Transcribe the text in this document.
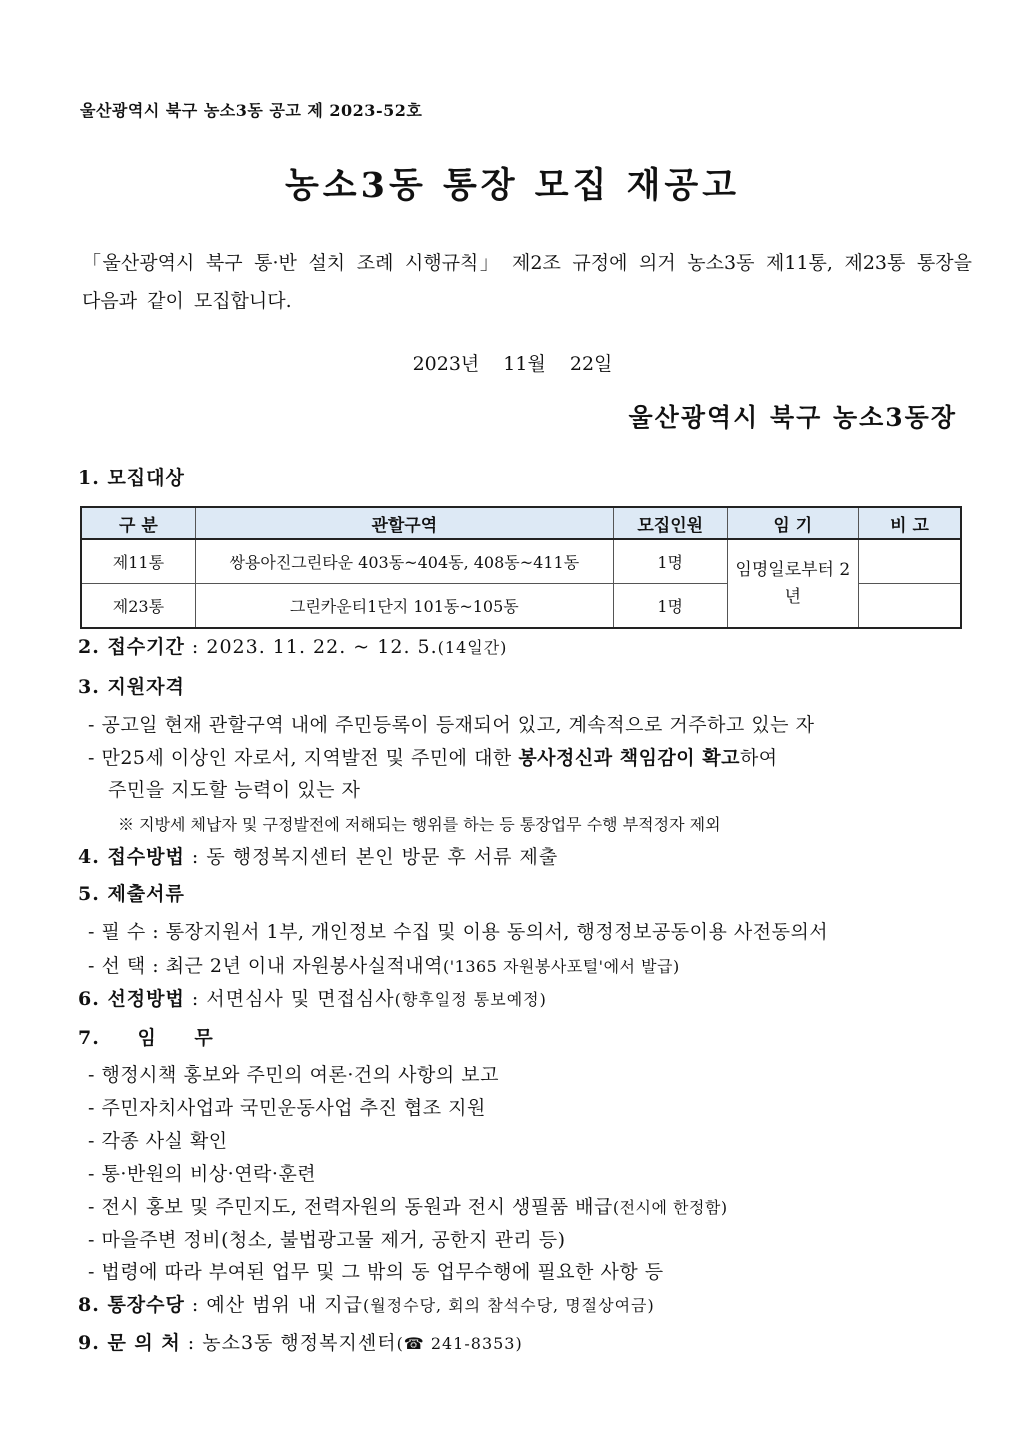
울산광역시 북구 농소3동 공고 제 2023-52호
농소3동 통장 모집 재공고
「울산광역시 북구 통·반 설치 조례 시행규칙」 제2조 규정에 의거 농소3동 제11통, 제23통 통장을 다음과 같이 모집합니다.
2023년 11월 22일
울산광역시 북구 농소3동장
1. 모집대상
구 분	관할구역	모집인원	임 기	비 고
제11통	쌍용아진그린타운 403동~404동, 408동~411동	1명	임명일로부터 2년	
제23통	그린카운티1단지 101동~105동	1명		
2. 접수기간 : 2023. 11. 22. ~ 12. 5.(14일간)
3. 지원자격
- 공고일 현재 관할구역 내에 주민등록이 등재되어 있고, 계속적으로 거주하고 있는 자
- 만25세 이상인 자로서, 지역발전 및 주민에 대한 봉사정신과 책임감이 확고하여
주민을 지도할 능력이 있는 자
※ 지방세 체납자 및 구정발전에 저해되는 행위를 하는 등 통장업무 수행 부적정자 제외
4. 접수방법 : 동 행정복지센터 본인 방문 후 서류 제출
5. 제출서류
- 필 수 : 통장지원서 1부, 개인정보 수집 및 이용 동의서, 행정정보공동이용 사전동의서
- 선 택 : 최근 2년 이내 자원봉사실적내역('1365 자원봉사포털'에서 발급)
6. 선정방법 : 서면심사 및 면접심사(향후일정 통보예정)
7. 임 무
- 행정시책 홍보와 주민의 여론·건의 사항의 보고
- 주민자치사업과 국민운동사업 추진 협조 지원
- 각종 사실 확인
- 통·반원의 비상·연락·훈련
- 전시 홍보 및 주민지도, 전력자원의 동원과 전시 생필품 배급(전시에 한정함)
- 마을주변 정비(청소, 불법광고물 제거, 공한지 관리 등)
- 법령에 따라 부여된 업무 및 그 밖의 동 업무수행에 필요한 사항 등
8. 통장수당 : 예산 범위 내 지급(월정수당, 회의 참석수당, 명절상여금)
9. 문 의 처 : 농소3동 행정복지센터(☎ 241-8353)
